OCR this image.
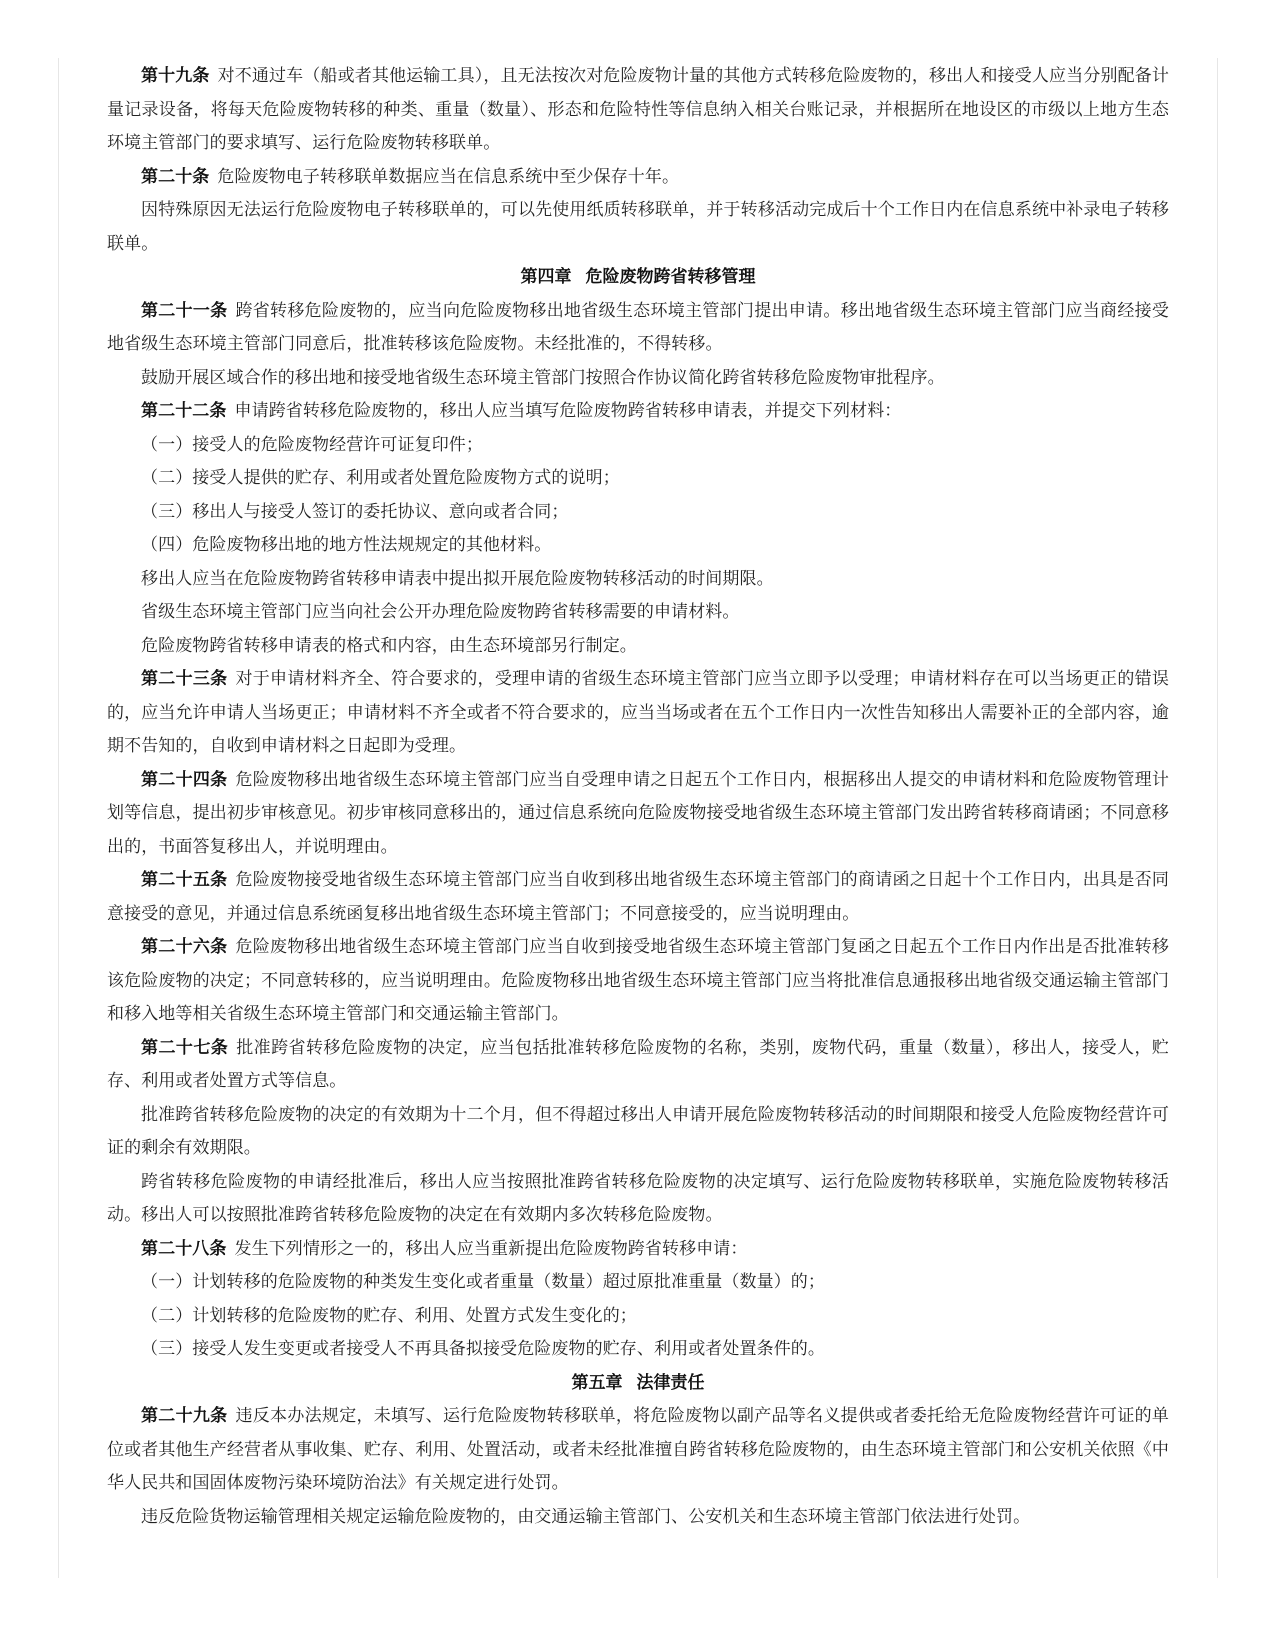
第十九条 对不通过车（船或者其他运输工具），且无法按次对危险废物计量的其他方式转移危险废物的，移出人和接受人应当分别配备计量记录设备，将每天危险废物转移的种类、重量（数量）、形态和危险特性等信息纳入相关台账记录，并根据所在地设区的市级以上地方生态环境主管部门的要求填写、运行危险废物转移联单。

第二十条 危险废物电子转移联单数据应当在信息系统中至少保存十年。

因特殊原因无法运行危险废物电子转移联单的，可以先使用纸质转移联单，并于转移活动完成后十个工作日内在信息系统中补录电子转移联单。

第四章 危险废物跨省转移管理

第二十一条 跨省转移危险废物的，应当向危险废物移出地省级生态环境主管部门提出申请。移出地省级生态环境主管部门应当商经接受地省级生态环境主管部门同意后，批准转移该危险废物。未经批准的，不得转移。

鼓励开展区域合作的移出地和接受地省级生态环境主管部门按照合作协议简化跨省转移危险废物审批程序。

第二十二条 申请跨省转移危险废物的，移出人应当填写危险废物跨省转移申请表，并提交下列材料：

（一）接受人的危险废物经营许可证复印件；

（二）接受人提供的贮存、利用或者处置危险废物方式的说明；

（三）移出人与接受人签订的委托协议、意向或者合同；

（四）危险废物移出地的地方性法规规定的其他材料。

移出人应当在危险废物跨省转移申请表中提出拟开展危险废物转移活动的时间期限。

省级生态环境主管部门应当向社会公开办理危险废物跨省转移需要的申请材料。

危险废物跨省转移申请表的格式和内容，由生态环境部另行制定。

第二十三条 对于申请材料齐全、符合要求的，受理申请的省级生态环境主管部门应当立即予以受理；申请材料存在可以当场更正的错误的，应当允许申请人当场更正；申请材料不齐全或者不符合要求的，应当当场或者在五个工作日内一次性告知移出人需要补正的全部内容，逾期不告知的，自收到申请材料之日起即为受理。

第二十四条 危险废物移出地省级生态环境主管部门应当自受理申请之日起五个工作日内，根据移出人提交的申请材料和危险废物管理计划等信息，提出初步审核意见。初步审核同意移出的，通过信息系统向危险废物接受地省级生态环境主管部门发出跨省转移商请函；不同意移出的，书面答复移出人，并说明理由。

第二十五条 危险废物接受地省级生态环境主管部门应当自收到移出地省级生态环境主管部门的商请函之日起十个工作日内，出具是否同意接受的意见，并通过信息系统函复移出地省级生态环境主管部门；不同意接受的，应当说明理由。

第二十六条 危险废物移出地省级生态环境主管部门应当自收到接受地省级生态环境主管部门复函之日起五个工作日内作出是否批准转移该危险废物的决定；不同意转移的，应当说明理由。危险废物移出地省级生态环境主管部门应当将批准信息通报移出地省级交通运输主管部门和移入地等相关省级生态环境主管部门和交通运输主管部门。

第二十七条 批准跨省转移危险废物的决定，应当包括批准转移危险废物的名称，类别，废物代码，重量（数量），移出人，接受人，贮存、利用或者处置方式等信息。

批准跨省转移危险废物的决定的有效期为十二个月，但不得超过移出人申请开展危险废物转移活动的时间期限和接受人危险废物经营许可证的剩余有效期限。

跨省转移危险废物的申请经批准后，移出人应当按照批准跨省转移危险废物的决定填写、运行危险废物转移联单，实施危险废物转移活动。移出人可以按照批准跨省转移危险废物的决定在有效期内多次转移危险废物。

第二十八条 发生下列情形之一的，移出人应当重新提出危险废物跨省转移申请：

（一）计划转移的危险废物的种类发生变化或者重量（数量）超过原批准重量（数量）的；

（二）计划转移的危险废物的贮存、利用、处置方式发生变化的；

（三）接受人发生变更或者接受人不再具备拟接受危险废物的贮存、利用或者处置条件的。

第五章 法律责任

第二十九条 违反本办法规定，未填写、运行危险废物转移联单，将危险废物以副产品等名义提供或者委托给无危险废物经营许可证的单位或者其他生产经营者从事收集、贮存、利用、处置活动，或者未经批准擅自跨省转移危险废物的，由生态环境主管部门和公安机关依照《中华人民共和国固体废物污染环境防治法》有关规定进行处罚。

违反危险货物运输管理相关规定运输危险废物的，由交通运输主管部门、公安机关和生态环境主管部门依法进行处罚。
